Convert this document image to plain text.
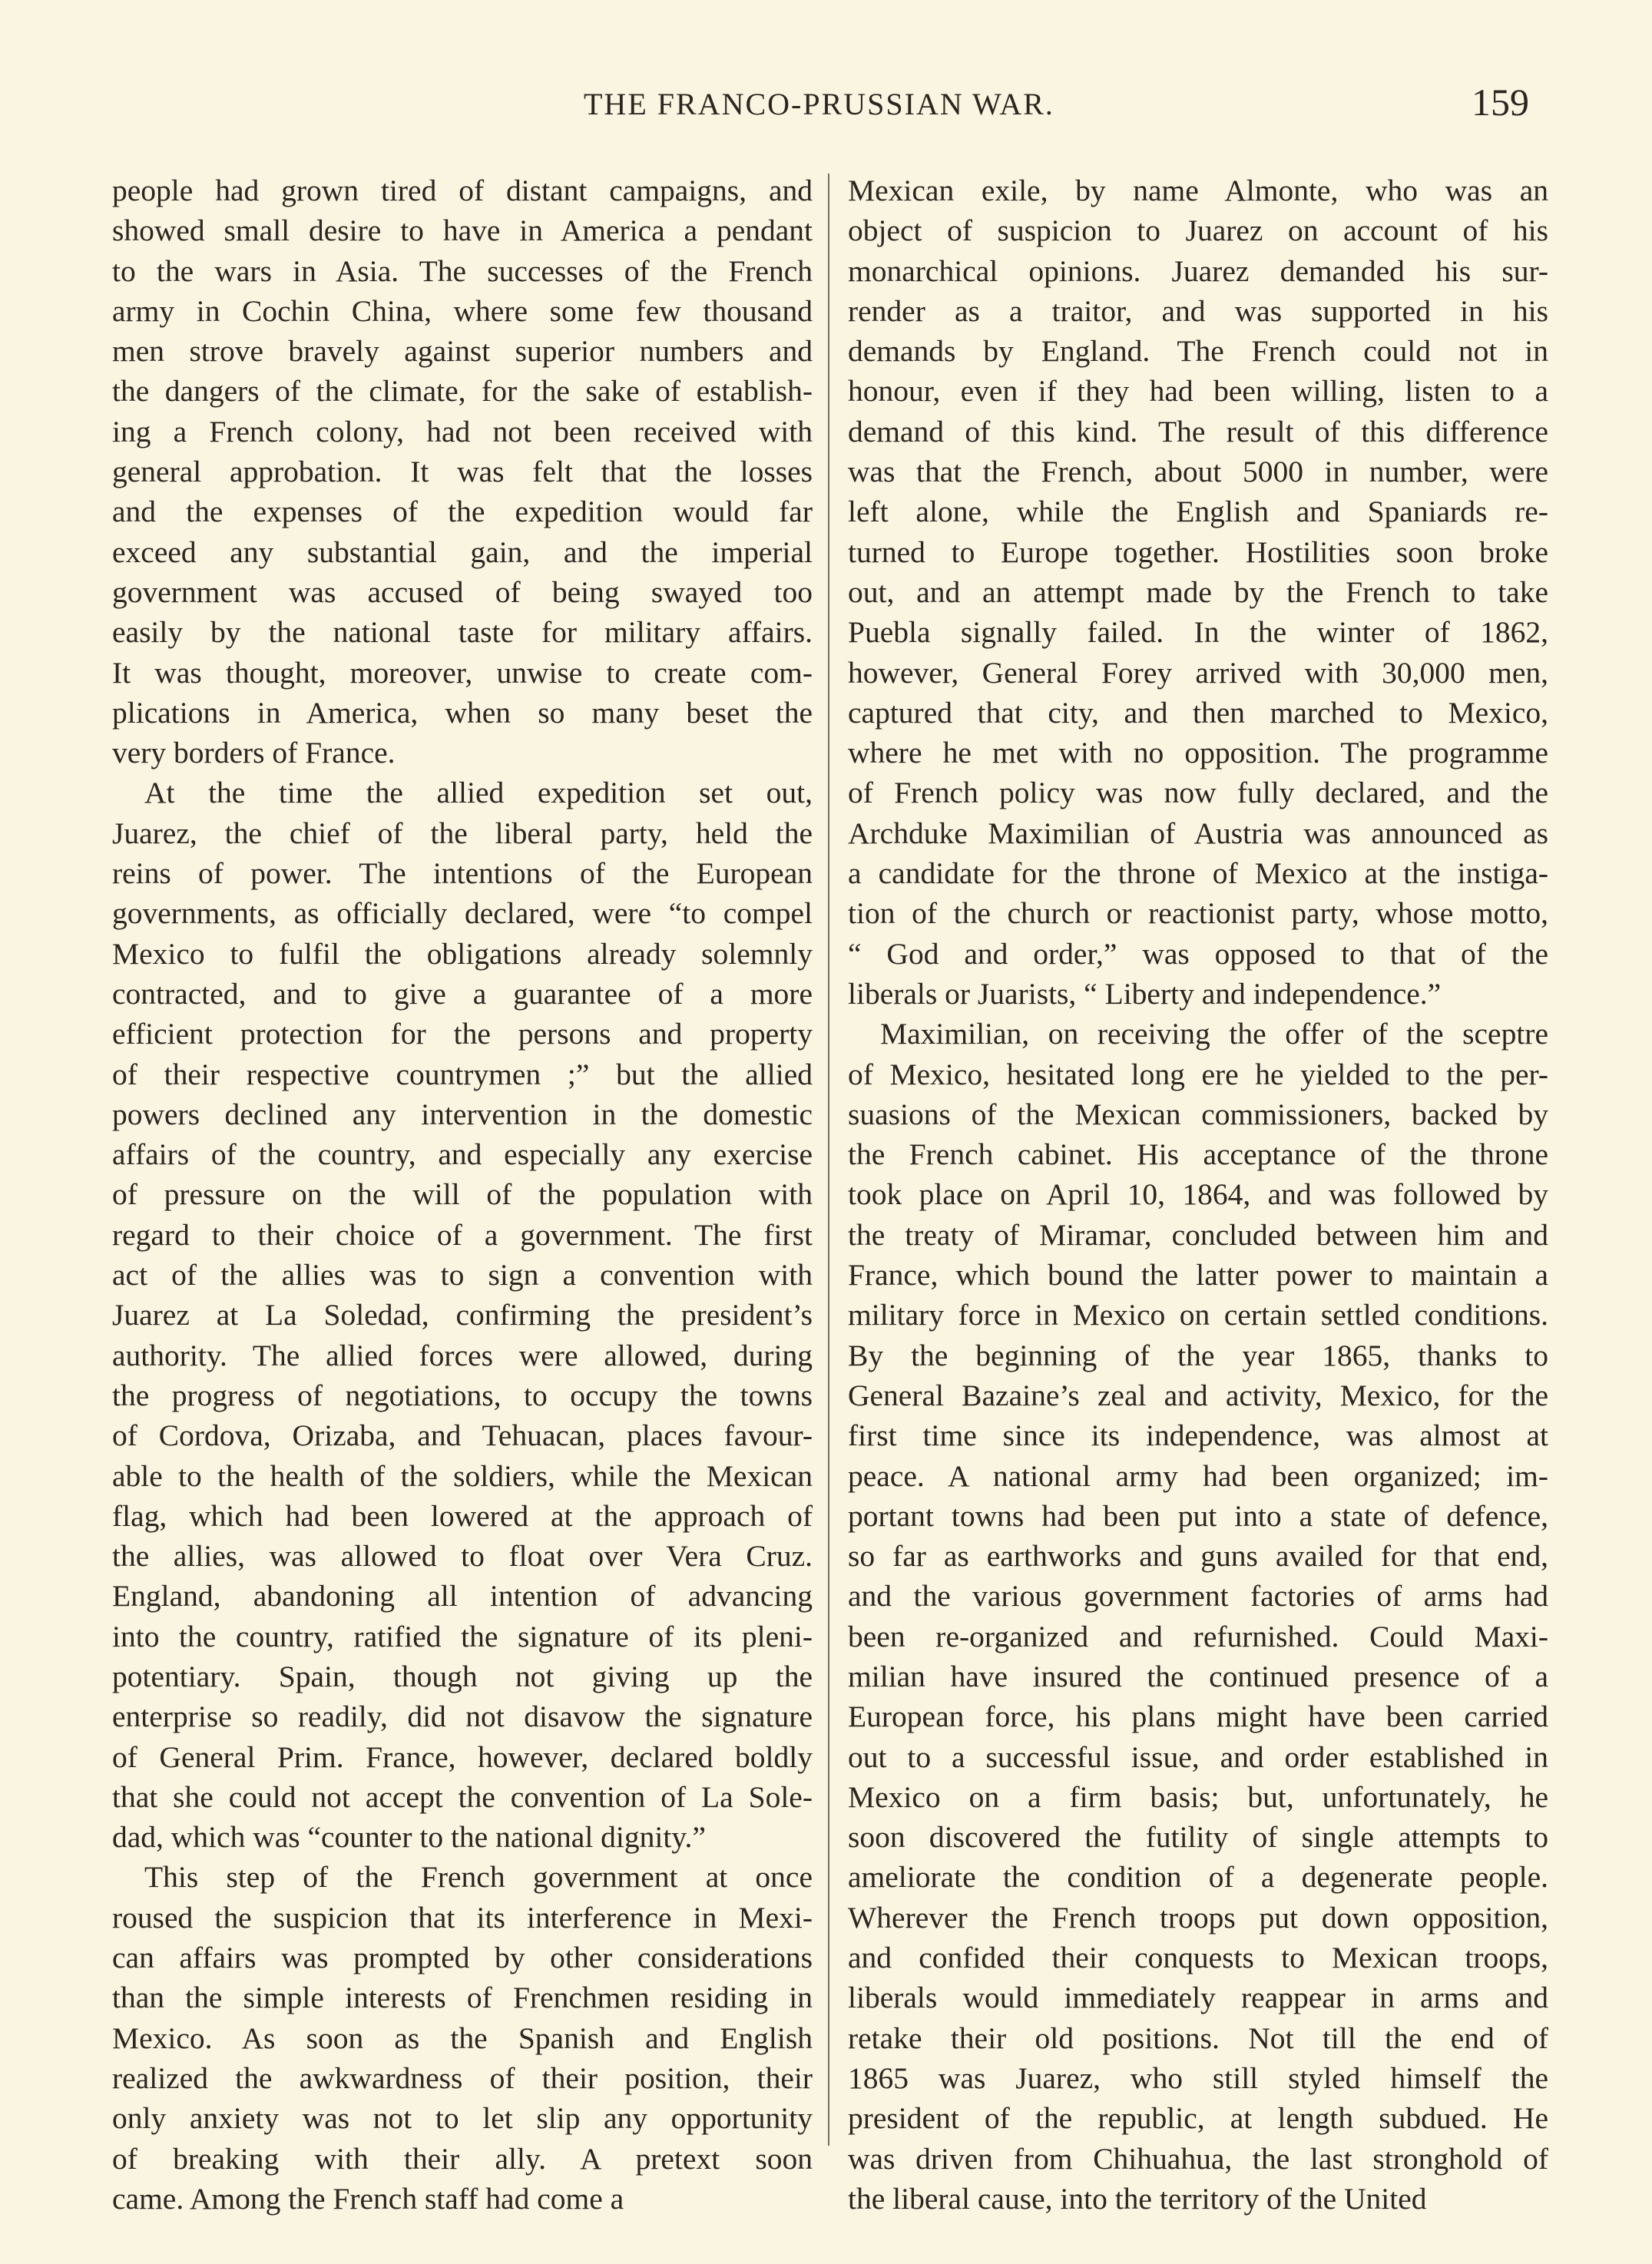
THE FRANCO-PRUSSIAN WAR.	159
people had grown tired of distant campaigns, and
showed small desire to have in America a pendant
to the wars in Asia. The successes of the French
army in Cochin China, where some few thousand
men strove bravely against superior numbers and
the dangers of the climate, for the sake of establish-
ing a French colony, had not been received with
general approbation. It was felt that the losses
and the expenses of the expedition would far
exceed any substantial gain, and the imperial
government was accused of being swayed too
easily by the national taste for military affairs.
It was thought, moreover, unwise to create com-
plications in America, when so many beset the
very borders of France.
At the time the allied expedition set out,
Juarez, the chief of the liberal party, held the
reins of power. The intentions of the European
governments, as officially declared, were “to compel
Mexico to fulfil the obligations already solemnly
contracted, and to give a guarantee of a more
efficient protection for the persons and property
of their respective countrymen ;” but the allied
powers declined any intervention in the domestic
affairs of the country, and especially any exercise
of pressure on the will of the population with
regard to their choice of a government. The first
act of the allies was to sign a convention with
Juarez at La Soledad, confirming the president’s
authority. The allied forces were allowed, during
the progress of negotiations, to occupy the towns
of Cordova, Orizaba, and Tehuacan, places favour-
able to the health of the soldiers, while the Mexican
flag, which had been lowered at the approach of
the allies, was allowed to float over Vera Cruz.
England, abandoning all intention of advancing
into the country, ratified the signature of its pleni-
potentiary. Spain, though not giving up the
enterprise so readily, did not disavow the signature
of General Prim. France, however, declared boldly
that she could not accept the convention of La Sole-
dad, which was “counter to the national dignity.”
This step of the French government at once
roused the suspicion that its interference in Mexi-
can affairs was prompted by other considerations
than the simple interests of Frenchmen residing in
Mexico. As soon as the Spanish and English
realized the awkwardness of their position, their
only anxiety was not to let slip any opportunity
of breaking with their ally. A pretext soon
came. Among the French staff had come a
Mexican exile, by name Almonte, who was an
object of suspicion to Juarez on account of his
monarchical opinions. Juarez demanded his sur-
render as a traitor, and was supported in his
demands by England. The French could not in
honour, even if they had been willing, listen to a
demand of this kind. The result of this difference
was that the French, about 5000 in number, were
left alone, while the English and Spaniards re-
turned to Europe together. Hostilities soon broke
out, and an attempt made by the French to take
Puebla signally failed. In the winter of 1862,
however, General Forey arrived with 30,000 men,
captured that city, and then marched to Mexico,
where he met with no opposition. The programme
of French policy was now fully declared, and the
Archduke Maximilian of Austria was announced as
a candidate for the throne of Mexico at the instiga-
tion of the church or reactionist party, whose motto,
“ God and order,” was opposed to that of the
liberals or Juarists, “ Liberty and independence.”
Maximilian, on receiving the offer of the sceptre
of Mexico, hesitated long ere he yielded to the per-
suasions of the Mexican commissioners, backed by
the French cabinet. His acceptance of the throne
took place on April 10, 1864, and was followed by
the treaty of Miramar, concluded between him and
France, which bound the latter power to maintain a
military force in Mexico on certain settled conditions.
By the beginning of the year 1865, thanks to
General Bazaine’s zeal and activity, Mexico, for the
first time since its independence, was almost at
peace. A national army had been organized; im-
portant towns had been put into a state of defence,
so far as earthworks and guns availed for that end,
and the various government factories of arms had
been re-organized and refurnished. Could Maxi-
milian have insured the continued presence of a
European force, his plans might have been carried
out to a successful issue, and order established in
Mexico on a firm basis; but, unfortunately, he
soon discovered the futility of single attempts to
ameliorate the condition of a degenerate people.
Wherever the French troops put down opposition,
and confided their conquests to Mexican troops,
liberals would immediately reappear in arms and
retake their old positions. Not till the end of
1865 was Juarez, who still styled himself the
president of the republic, at length subdued. He
was driven from Chihuahua, the last stronghold of
the liberal cause, into the territory of the United
